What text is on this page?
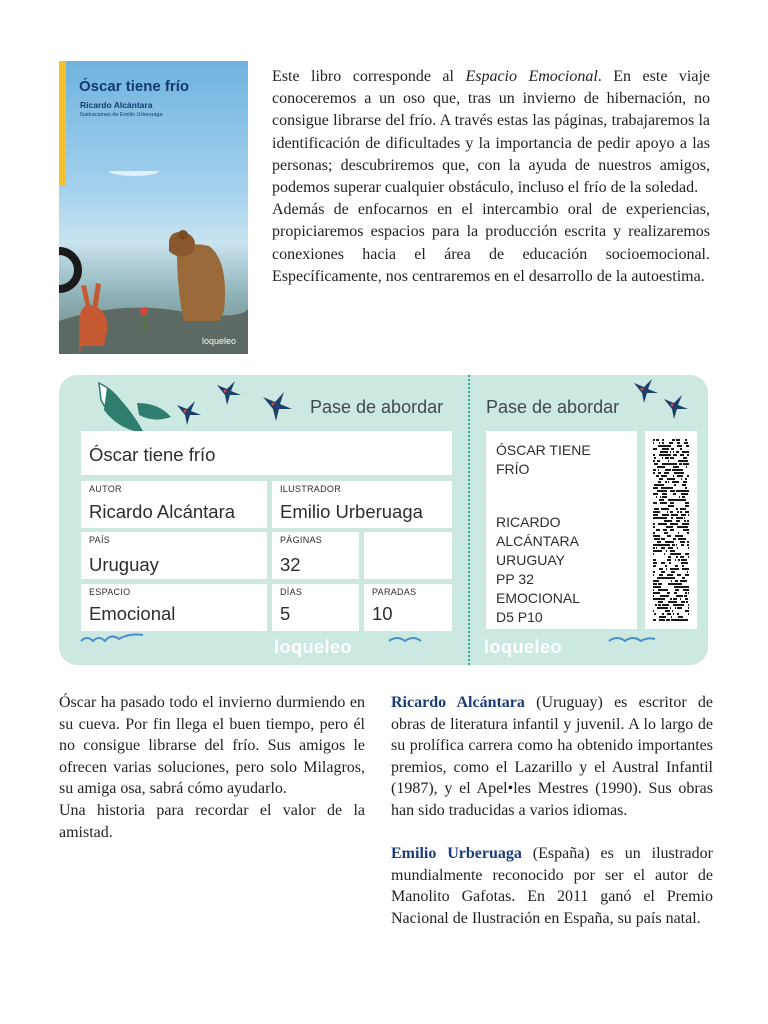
Óscar tiene frío
Ricardo Alcántara
Ilustraciones de Emilio Urberuaga
loqueleo

Este libro corresponde al Espacio Emocional. En este viaje conoceremos a un oso que, tras un invierno de hibernación, no consigue librarse del frío. A través estas las páginas, trabajaremos la identificación de dificultades y la importancia de pedir apoyo a las personas; descubriremos que, con la ayuda de nuestros amigos, podemos superar cualquier obstáculo, incluso el frío de la soledad.

Además de enfocarnos en el intercambio oral de experiencias, propiciaremos espacios para la producción escrita y realizaremos conexiones hacia el área de educación socioemocional. Específicamente, nos centraremos en el desarrollo de la autoestima.

Pase de abordar Pase de abordar
Óscar tiene frío
AUTOR
Ricardo Alcántara
ILUSTRADOR
Emilio Urberuaga
PAÍS
Uruguay
PÁGINAS
32
ESPACIO
Emocional
DÍAS
5
PARADAS
10
ÓSCAR TIENE FRÍO
RICARDO
ALCÁNTARA
URUGUAY
PP 32
EMOCIONAL
D5 P10
loqueleo	loqueleo

Óscar ha pasado todo el invierno durmiendo en su cueva. Por fin llega el buen tiempo, pero él no consigue librarse del frío. Sus amigos le ofrecen varias soluciones, pero solo Milagros, su amiga osa, sabrá cómo ayudarlo.

Una historia para recordar el valor de la amistad.

Ricardo Alcántara (Uruguay) es escritor de obras de literatura infantil y juvenil. A lo largo de su prolífica carrera como ha obtenido importantes premios, como el Lazarillo y el Austral Infantil (1987), y el Apel•les Mestres (1990). Sus obras han sido traducidas a varios idiomas.

Emilio Urberuaga (España) es un ilustrador mundialmente reconocido por ser el autor de Manolito Gafotas. En 2011 ganó el Premio Nacional de Ilustración en España, su país natal.
